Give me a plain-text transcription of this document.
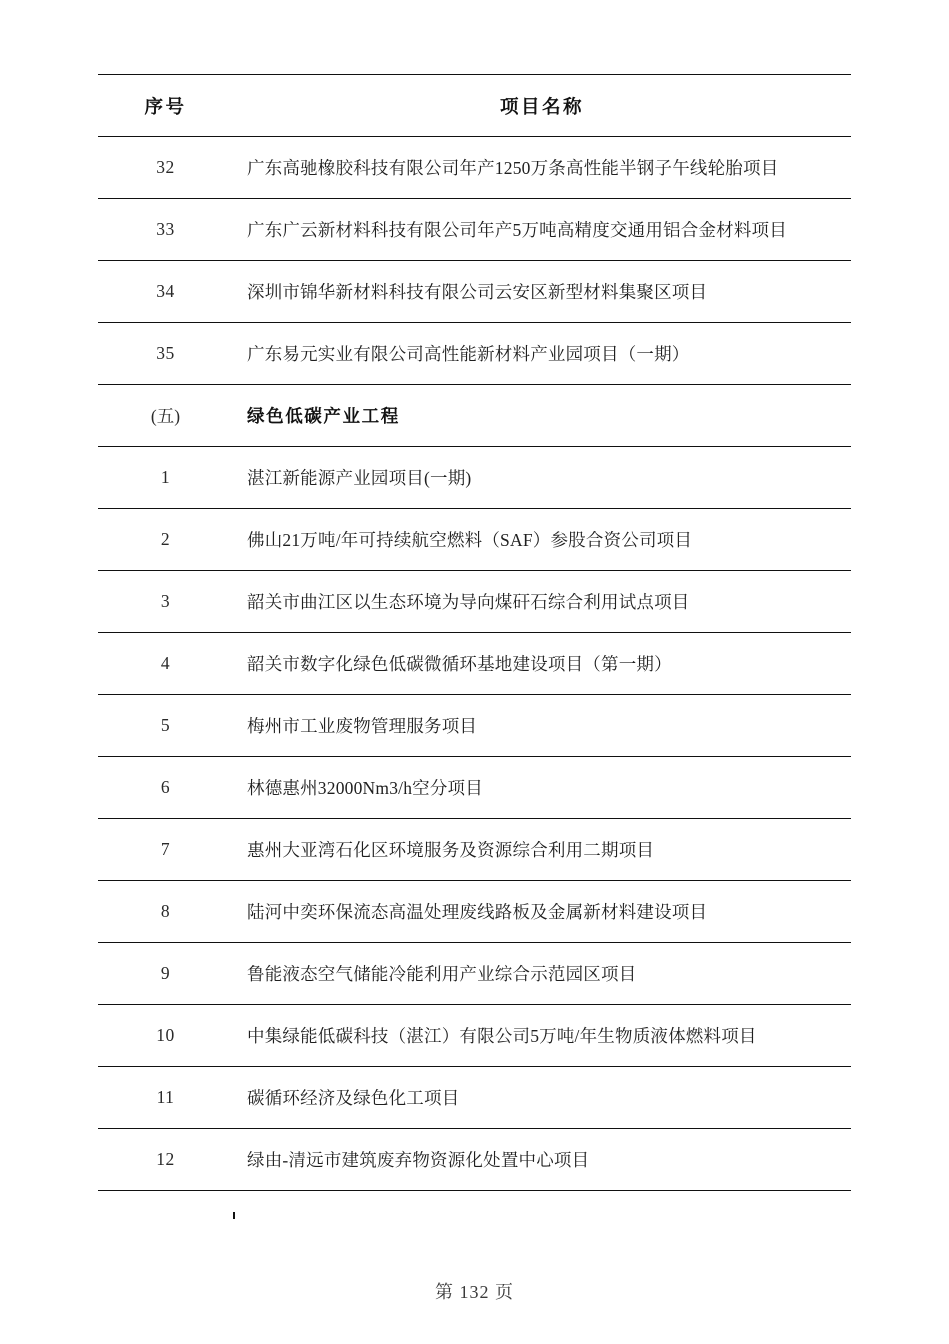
序号	项目名称
32	广东高驰橡胶科技有限公司年产1250万条高性能半钢子午线轮胎项目
33	广东广云新材料科技有限公司年产5万吨高精度交通用铝合金材料项目
34	深圳市锦华新材料科技有限公司云安区新型材料集聚区项目
35	广东易元实业有限公司高性能新材料产业园项目（一期）
(五)	绿色低碳产业工程
1	湛江新能源产业园项目(一期)
2	佛山21万吨/年可持续航空燃料（SAF）参股合资公司项目
3	韶关市曲江区以生态环境为导向煤矸石综合利用试点项目
4	韶关市数字化绿色低碳微循环基地建设项目（第一期）
5	梅州市工业废物管理服务项目
6	林德惠州32000Nm3/h空分项目
7	惠州大亚湾石化区环境服务及资源综合利用二期项目
8	陆河中奕环保流态高温处理废线路板及金属新材料建设项目
9	鲁能液态空气储能冷能利用产业综合示范园区项目
10	中集绿能低碳科技（湛江）有限公司5万吨/年生物质液体燃料项目
11	碳循环经济及绿色化工项目
12	绿由-清远市建筑废弃物资源化处置中心项目
第 132 页
